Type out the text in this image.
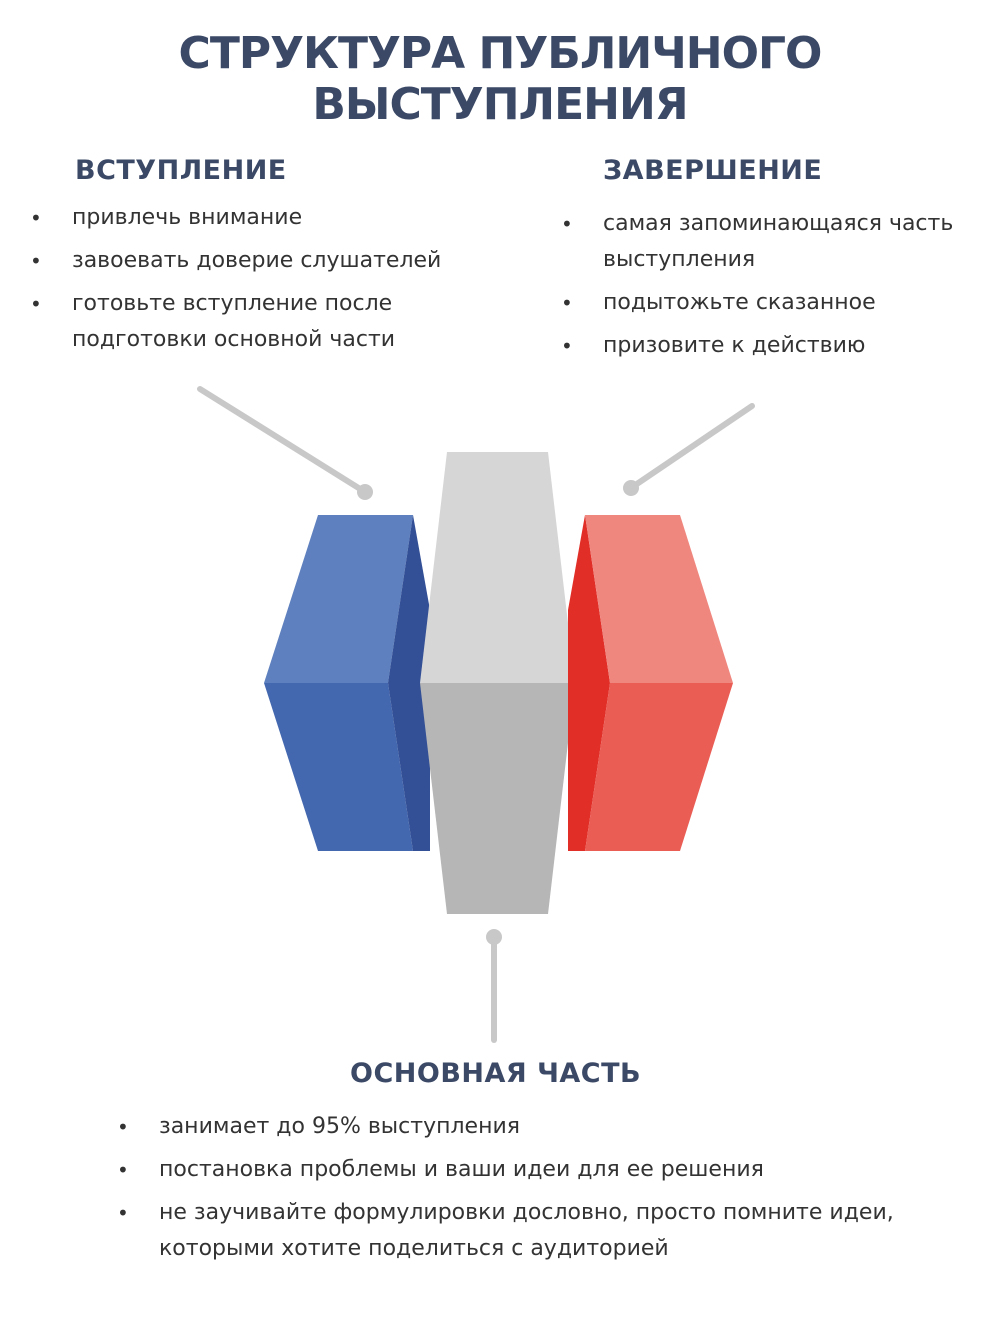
СТРУКТУРА ПУБЛИЧНОГО ВЫСТУПЛЕНИЯ
ВСТУПЛЕНИЕ
• привлечь внимание
• завоевать доверие слушателей
• готовьте вступление после подготовки основной части
ЗАВЕРШЕНИЕ
• самая запоминающаяся часть выступления
• подытожьте сказанное
• призовите к действию
ОСНОВНАЯ ЧАСТЬ
• занимает до 95% выступления
• постановка проблемы и ваши идеи для ее решения
• не заучивайте формулировки дословно, просто помните идеи, которыми хотите поделиться с аудиторией
